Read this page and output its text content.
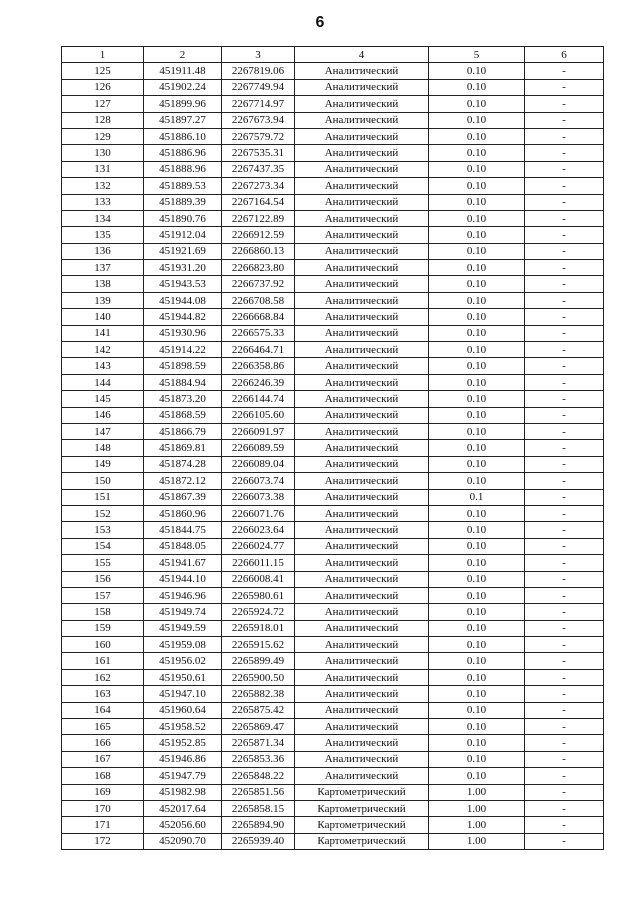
6
1	2	3	4	5	6
125	451911.48	2267819.06	Аналитический	0.10	-
126	451902.24	2267749.94	Аналитический	0.10	-
127	451899.96	2267714.97	Аналитический	0.10	-
128	451897.27	2267673.94	Аналитический	0.10	-
129	451886.10	2267579.72	Аналитический	0.10	-
130	451886.96	2267535.31	Аналитический	0.10	-
131	451888.96	2267437.35	Аналитический	0.10	-
132	451889.53	2267273.34	Аналитический	0.10	-
133	451889.39	2267164.54	Аналитический	0.10	-
134	451890.76	2267122.89	Аналитический	0.10	-
135	451912.04	2266912.59	Аналитический	0.10	-
136	451921.69	2266860.13	Аналитический	0.10	-
137	451931.20	2266823.80	Аналитический	0.10	-
138	451943.53	2266737.92	Аналитический	0.10	-
139	451944.08	2266708.58	Аналитический	0.10	-
140	451944.82	2266668.84	Аналитический	0.10	-
141	451930.96	2266575.33	Аналитический	0.10	-
142	451914.22	2266464.71	Аналитический	0.10	-
143	451898.59	2266358.86	Аналитический	0.10	-
144	451884.94	2266246.39	Аналитический	0.10	-
145	451873.20	2266144.74	Аналитический	0.10	-
146	451868.59	2266105.60	Аналитический	0.10	-
147	451866.79	2266091.97	Аналитический	0.10	-
148	451869.81	2266089.59	Аналитический	0.10	-
149	451874.28	2266089.04	Аналитический	0.10	-
150	451872.12	2266073.74	Аналитический	0.10	-
151	451867.39	2266073.38	Аналитический	0.1	-
152	451860.96	2266071.76	Аналитический	0.10	-
153	451844.75	2266023.64	Аналитический	0.10	-
154	451848.05	2266024.77	Аналитический	0.10	-
155	451941.67	2266011.15	Аналитический	0.10	-
156	451944.10	2266008.41	Аналитический	0.10	-
157	451946.96	2265980.61	Аналитический	0.10	-
158	451949.74	2265924.72	Аналитический	0.10	-
159	451949.59	2265918.01	Аналитический	0.10	-
160	451959.08	2265915.62	Аналитический	0.10	-
161	451956.02	2265899.49	Аналитический	0.10	-
162	451950.61	2265900.50	Аналитический	0.10	-
163	451947.10	2265882.38	Аналитический	0.10	-
164	451960.64	2265875.42	Аналитический	0.10	-
165	451958.52	2265869.47	Аналитический	0.10	-
166	451952.85	2265871.34	Аналитический	0.10	-
167	451946.86	2265853.36	Аналитический	0.10	-
168	451947.79	2265848.22	Аналитический	0.10	-
169	451982.98	2265851.56	Картометрический	1.00	-
170	452017.64	2265858.15	Картометрический	1.00	-
171	452056.60	2265894.90	Картометрический	1.00	-
172	452090.70	2265939.40	Картометрический	1.00	-
